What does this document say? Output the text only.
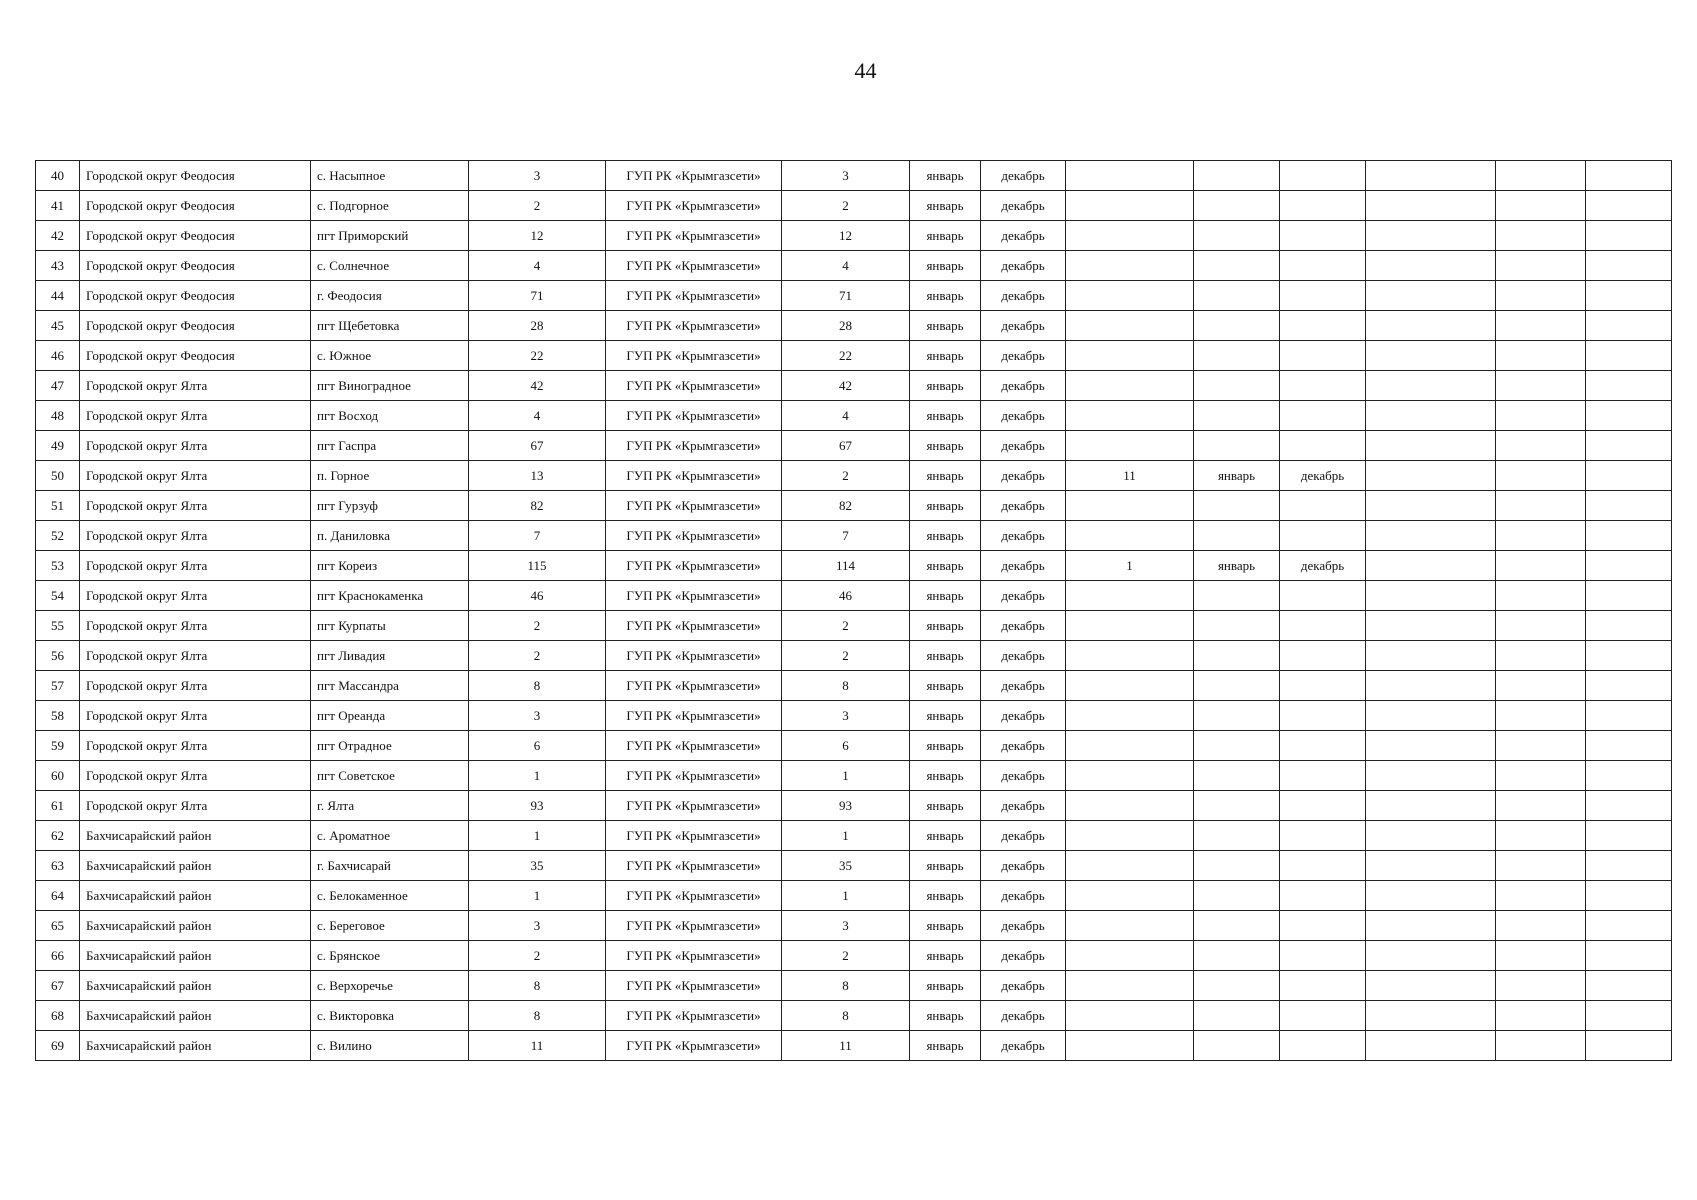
44
40	Городской округ Феодосия	с. Насыпное	3	ГУП РК «Крымгазсети»	3	январь	декабрь						
41	Городской округ Феодосия	с. Подгорное	2	ГУП РК «Крымгазсети»	2	январь	декабрь						
42	Городской округ Феодосия	пгт Приморский	12	ГУП РК «Крымгазсети»	12	январь	декабрь						
43	Городской округ Феодосия	с. Солнечное	4	ГУП РК «Крымгазсети»	4	январь	декабрь						
44	Городской округ Феодосия	г. Феодосия	71	ГУП РК «Крымгазсети»	71	январь	декабрь						
45	Городской округ Феодосия	пгт Щебетовка	28	ГУП РК «Крымгазсети»	28	январь	декабрь						
46	Городской округ Феодосия	с. Южное	22	ГУП РК «Крымгазсети»	22	январь	декабрь						
47	Городской округ Ялта	пгт Виноградное	42	ГУП РК «Крымгазсети»	42	январь	декабрь						
48	Городской округ Ялта	пгт Восход	4	ГУП РК «Крымгазсети»	4	январь	декабрь						
49	Городской округ Ялта	пгт Гаспра	67	ГУП РК «Крымгазсети»	67	январь	декабрь						
50	Городской округ Ялта	п. Горное	13	ГУП РК «Крымгазсети»	2	январь	декабрь	11	январь	декабрь			
51	Городской округ Ялта	пгт Гурзуф	82	ГУП РК «Крымгазсети»	82	январь	декабрь						
52	Городской округ Ялта	п. Даниловка	7	ГУП РК «Крымгазсети»	7	январь	декабрь						
53	Городской округ Ялта	пгт Кореиз	115	ГУП РК «Крымгазсети»	114	январь	декабрь	1	январь	декабрь			
54	Городской округ Ялта	пгт Краснокаменка	46	ГУП РК «Крымгазсети»	46	январь	декабрь						
55	Городской округ Ялта	пгт Курпаты	2	ГУП РК «Крымгазсети»	2	январь	декабрь						
56	Городской округ Ялта	пгт Ливадия	2	ГУП РК «Крымгазсети»	2	январь	декабрь						
57	Городской округ Ялта	пгт Массандра	8	ГУП РК «Крымгазсети»	8	январь	декабрь						
58	Городской округ Ялта	пгт Ореанда	3	ГУП РК «Крымгазсети»	3	январь	декабрь						
59	Городской округ Ялта	пгт Отрадное	6	ГУП РК «Крымгазсети»	6	январь	декабрь						
60	Городской округ Ялта	пгт Советское	1	ГУП РК «Крымгазсети»	1	январь	декабрь						
61	Городской округ Ялта	г. Ялта	93	ГУП РК «Крымгазсети»	93	январь	декабрь						
62	Бахчисарайский район	с. Ароматное	1	ГУП РК «Крымгазсети»	1	январь	декабрь						
63	Бахчисарайский район	г. Бахчисарай	35	ГУП РК «Крымгазсети»	35	январь	декабрь						
64	Бахчисарайский район	с. Белокаменное	1	ГУП РК «Крымгазсети»	1	январь	декабрь						
65	Бахчисарайский район	с. Береговое	3	ГУП РК «Крымгазсети»	3	январь	декабрь						
66	Бахчисарайский район	с. Брянское	2	ГУП РК «Крымгазсети»	2	январь	декабрь						
67	Бахчисарайский район	с. Верхоречье	8	ГУП РК «Крымгазсети»	8	январь	декабрь						
68	Бахчисарайский район	с. Викторовка	8	ГУП РК «Крымгазсети»	8	январь	декабрь						
69	Бахчисарайский район	с. Вилино	11	ГУП РК «Крымгазсети»	11	январь	декабрь						
